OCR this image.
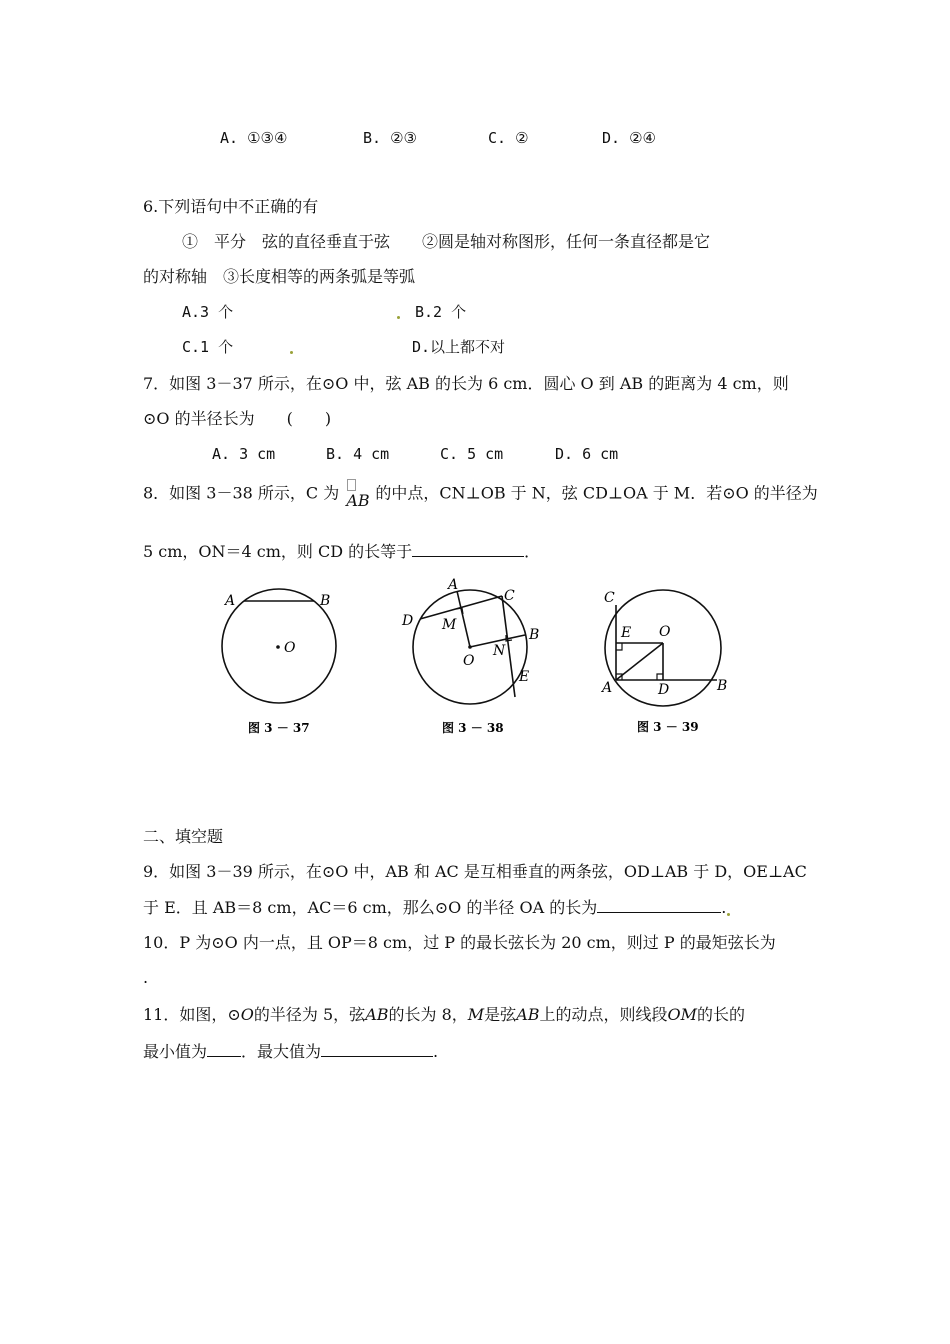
A. ①③④	B. ②③	C. ②	D. ②④
6.下列语句中不正确的有
①　平分　弦的直径垂直于弦　　②圆是轴对称图形，任何一条直径都是它
的对称轴　③长度相等的两条弧是等弧
A.3 个	B.2 个
C.1 个	D.以上都不对
7．如图 3－37 所示，在⊙O 中，弦 AB 的长为 6 cm．圆心 O 到 AB 的距离为 4 cm，则
⊙O 的半径长为　　(　　)
A. 3 cm	B. 4 cm	C. 5 cm	D. 6 cm
8．如图 3－38 所示，C 为 AB 的中点，CN⊥OB 于 N，弦 CD⊥OA 于 M．若⊙O 的半径为
5 cm，ON＝4 cm，则 CD 的长等于	．
A	B
O
图 3 － 37
A
C
D M
B
O
N
E
图 3 － 38
C
E O
A	D	B
图 3 － 39
二、填空题
9．如图 3－39 所示，在⊙O 中，AB 和 AC 是互相垂直的两条弦，OD⊥AB 于 D，OE⊥AC
于 E．且 AB＝8 cm，AC＝6 cm，那么⊙O 的半径 OA 的长为	.
10．P 为⊙O 内一点，且 OP＝8 cm，过 P 的最长弦长为 20 cm，则过 P 的最矩弦长为
.
11．如图，⊙O的半径为 5，弦AB的长为 8，M是弦AB上的动点，则线段OM的长的
最小值为 ．最大值为	.
